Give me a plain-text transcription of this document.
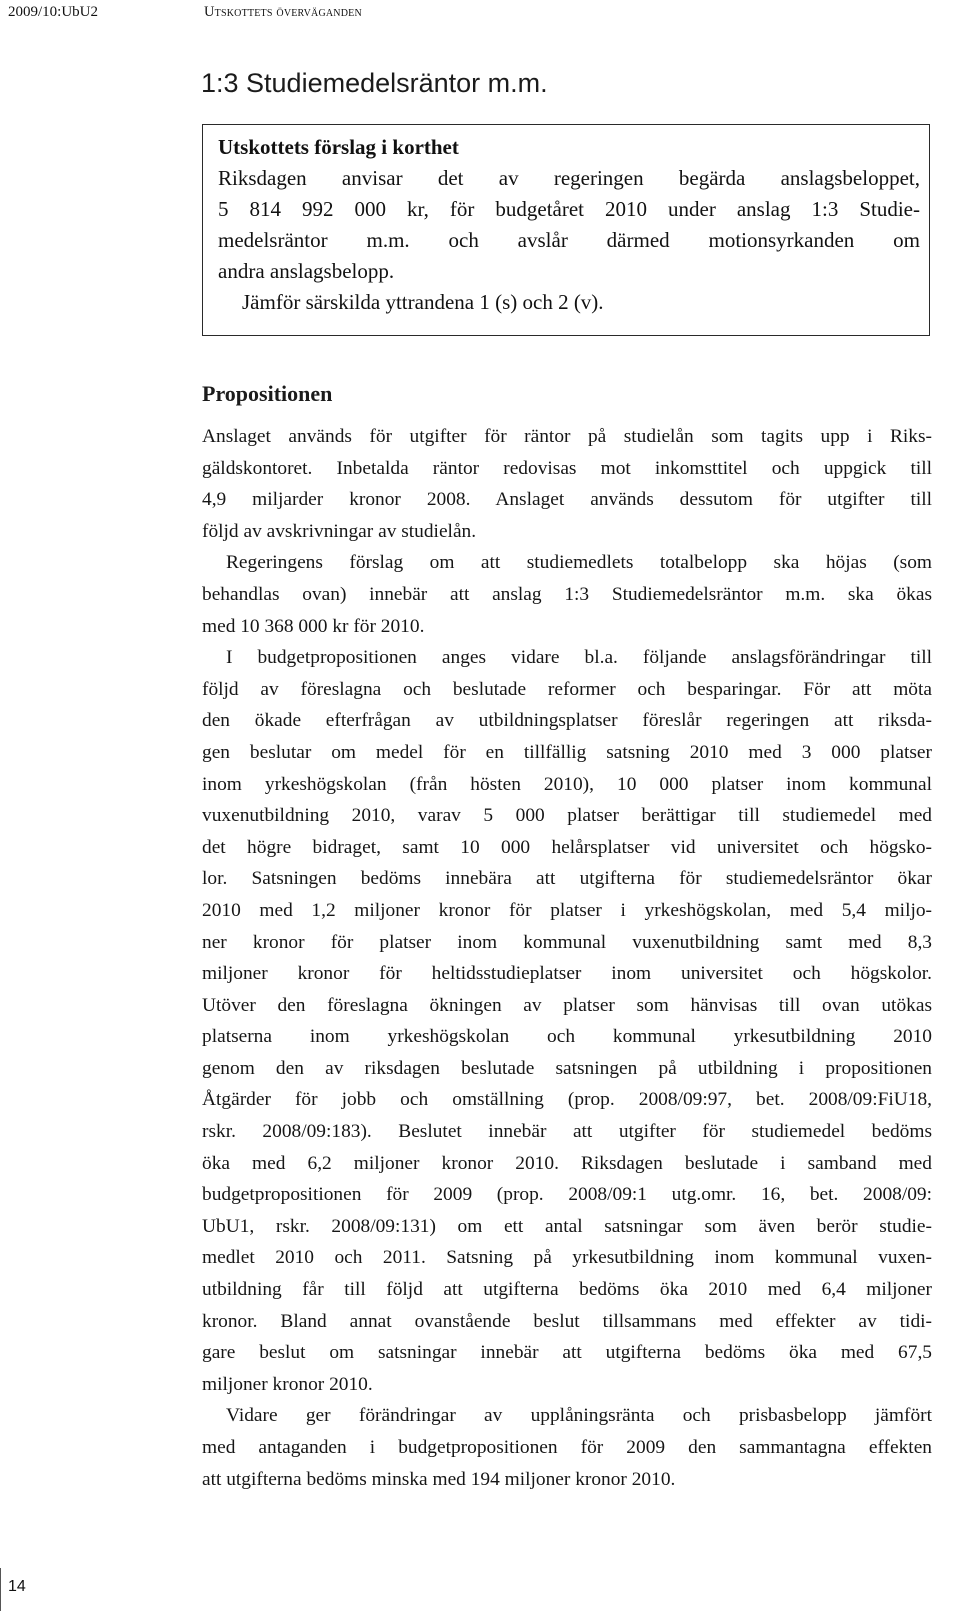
2009/10:UbU2	Utskottets överväganden
1:3 Studiemedelsräntor m.m.
Utskottets förslag i korthet
Riksdagen anvisar det av regeringen begärda anslagsbeloppet,
5 814 992 000 kr, för budgetåret 2010 under anslag 1:3 Studie-
medelsräntor m.m. och avslår därmed motionsyrkanden om
andra anslagsbelopp.
Jämför särskilda yttrandena 1 (s) och 2 (v).
Propositionen
Anslaget används för utgifter för räntor på studielån som tagits upp i Riks-
gäldskontoret. Inbetalda räntor redovisas mot inkomsttitel och uppgick till
4,9 miljarder kronor 2008. Anslaget används dessutom för utgifter till
följd av avskrivningar av studielån.
Regeringens förslag om att studiemedlets totalbelopp ska höjas (som
behandlas ovan) innebär att anslag 1:3 Studiemedelsräntor m.m. ska ökas
med 10 368 000 kr för 2010.
I budgetpropositionen anges vidare bl.a. följande anslagsförändringar till
följd av föreslagna och beslutade reformer och besparingar. För att möta
den ökade efterfrågan av utbildningsplatser föreslår regeringen att riksda-
gen beslutar om medel för en tillfällig satsning 2010 med 3 000 platser
inom yrkeshögskolan (från hösten 2010), 10 000 platser inom kommunal
vuxenutbildning 2010, varav 5 000 platser berättigar till studiemedel med
det högre bidraget, samt 10 000 helårsplatser vid universitet och högsko-
lor. Satsningen bedöms innebära att utgifterna för studiemedelsräntor ökar
2010 med 1,2 miljoner kronor för platser i yrkeshögskolan, med 5,4 miljo-
ner kronor för platser inom kommunal vuxenutbildning samt med 8,3
miljoner kronor för heltidsstudieplatser inom universitet och högskolor.
Utöver den föreslagna ökningen av platser som hänvisas till ovan utökas
platserna inom yrkeshögskolan och kommunal yrkesutbildning 2010
genom den av riksdagen beslutade satsningen på utbildning i propositionen
Åtgärder för jobb och omställning (prop. 2008/09:97, bet. 2008/09:FiU18,
rskr. 2008/09:183). Beslutet innebär att utgifter för studiemedel bedöms
öka med 6,2 miljoner kronor 2010. Riksdagen beslutade i samband med
budgetpropositionen för 2009 (prop. 2008/09:1 utg.omr. 16, bet. 2008/09:
UbU1, rskr. 2008/09:131) om ett antal satsningar som även berör studie-
medlet 2010 och 2011. Satsning på yrkesutbildning inom kommunal vuxen-
utbildning får till följd att utgifterna bedöms öka 2010 med 6,4 miljoner
kronor. Bland annat ovanstående beslut tillsammans med effekter av tidi-
gare beslut om satsningar innebär att utgifterna bedöms öka med 67,5
miljoner kronor 2010.
Vidare ger förändringar av upplåningsränta och prisbasbelopp jämfört
med antaganden i budgetpropositionen för 2009 den sammantagna effekten
att utgifterna bedöms minska med 194 miljoner kronor 2010.
14
